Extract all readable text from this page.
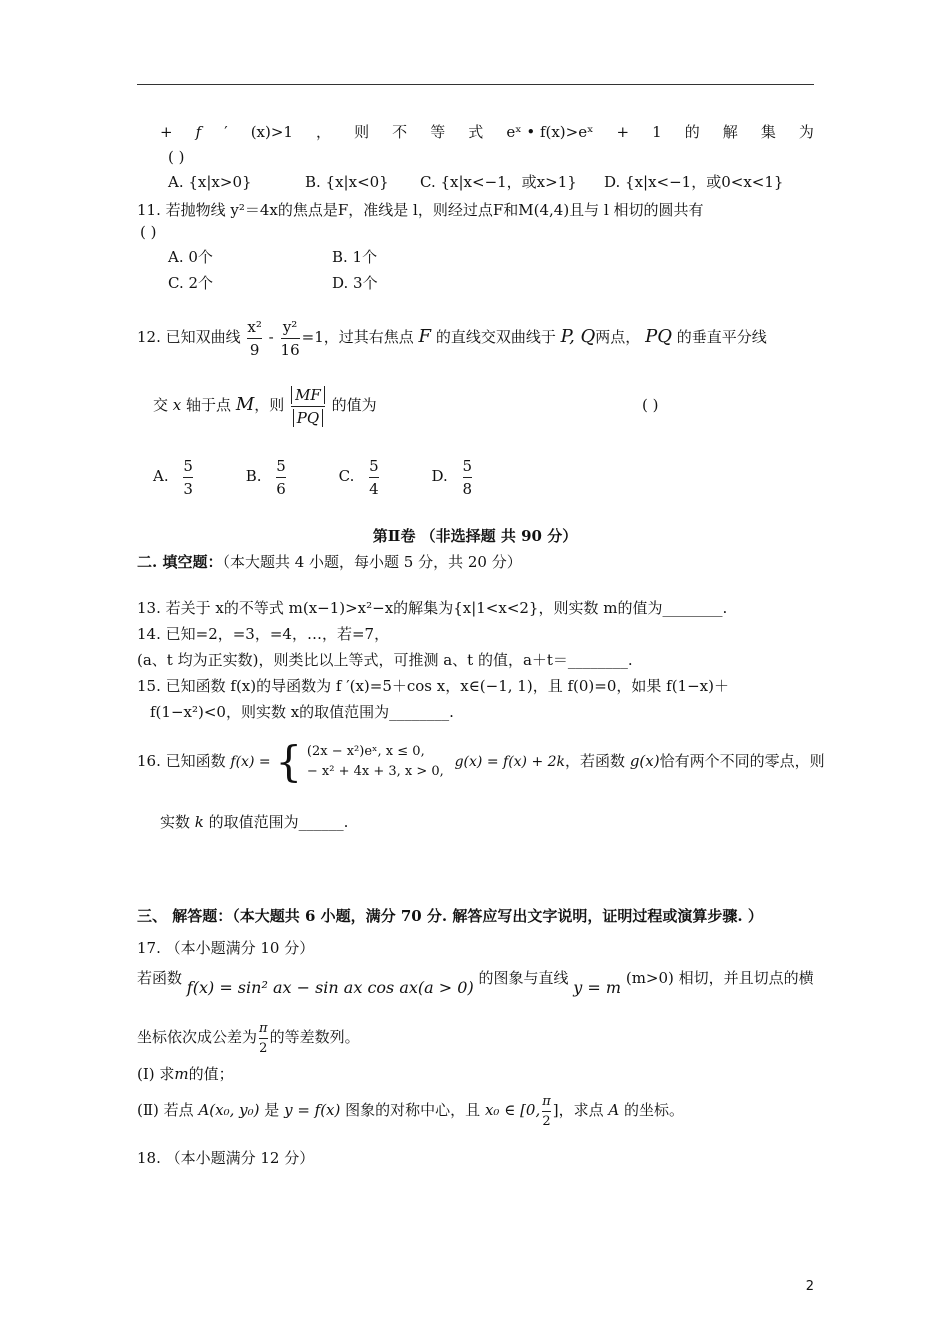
+ f ′ (x)>1 ， 则 不 等 式 eˣ • f(x)>eˣ + 1 的 解 集 为
( )
A. {x|x>0}	B. {x|x<0} C. {x|x<−1，或x>1} D. {x|x<−1，或0<x<1}
11. 若抛物线 y²＝4x的焦点是F，准线是 l，则经过点F和M(4,4)且与 l 相切的圆共有
( )
A. 0个	B. 1个
C. 2个	D. 3个
12. 已知双曲线 $\frac{\text{x²}}{9} - \frac{\text{y²}}{16} =1$，过其右焦点 F 的直线交双曲线于 P, Q两点， PQ 的垂直平分线
交 x 轴于点 M，则 $\frac{MF}{PQ}$ 的值为	( )
A. $\frac{5}{3}$	B. $\frac{5}{6}$	C. $\frac{5}{4}$	D. $\frac{5}{8}$
第Ⅱ卷 （非选择题 共 90 分）
二. 填空题：（本大题共 4 小题，每小题 5 分，共 20 分）
13. 若关于 x的不等式 m(x−1)>x²−x的解集为{x|1<x<2}，则实数 m的值为________.
14. 已知=2，=3，=4，…，若=7，
(a、t 均为正实数)，则类比以上等式，可推测 a、t 的值，a＋t＝________.
15. 已知函数 f(x)的导函数为 f ′(x)=5＋cos x，x∈(−1, 1)，且 f(0)=0，如果 f(1−x)＋
f(1−x²)<0，则实数 x的取值范围为________.
16. 已知函数 f(x) = { (2x − x²)eˣ, x ≤ 0,
− x² + 4x + 3, x > 0,
g(x) = f(x) + 2k，若函数 g(x)恰有两个不同的零点，则
实数 k 的取值范围为______.
三、 解答题：（本大题共 6 小题，满分 70 分. 解答应写出文字说明，证明过程或演算步骤. ）
17. （本小题满分 10 分）
若函数 f(x) = sin² ax − sin ax cos ax(a > 0) 的图象与直线 y = m (m>0) 相切，并且切点的横
坐标依次成公差为 $\frac{\pi}{2}$ 的等差数列。
(Ⅰ) 求m的值；
(Ⅱ) 若点 A(x₀, y₀) 是 y = f(x) 图象的对称中心，且 x₀ ∈ [0, $\frac{\pi}{2}$ ]，求点 A 的坐标。
18. （本小题满分 12 分）
2
